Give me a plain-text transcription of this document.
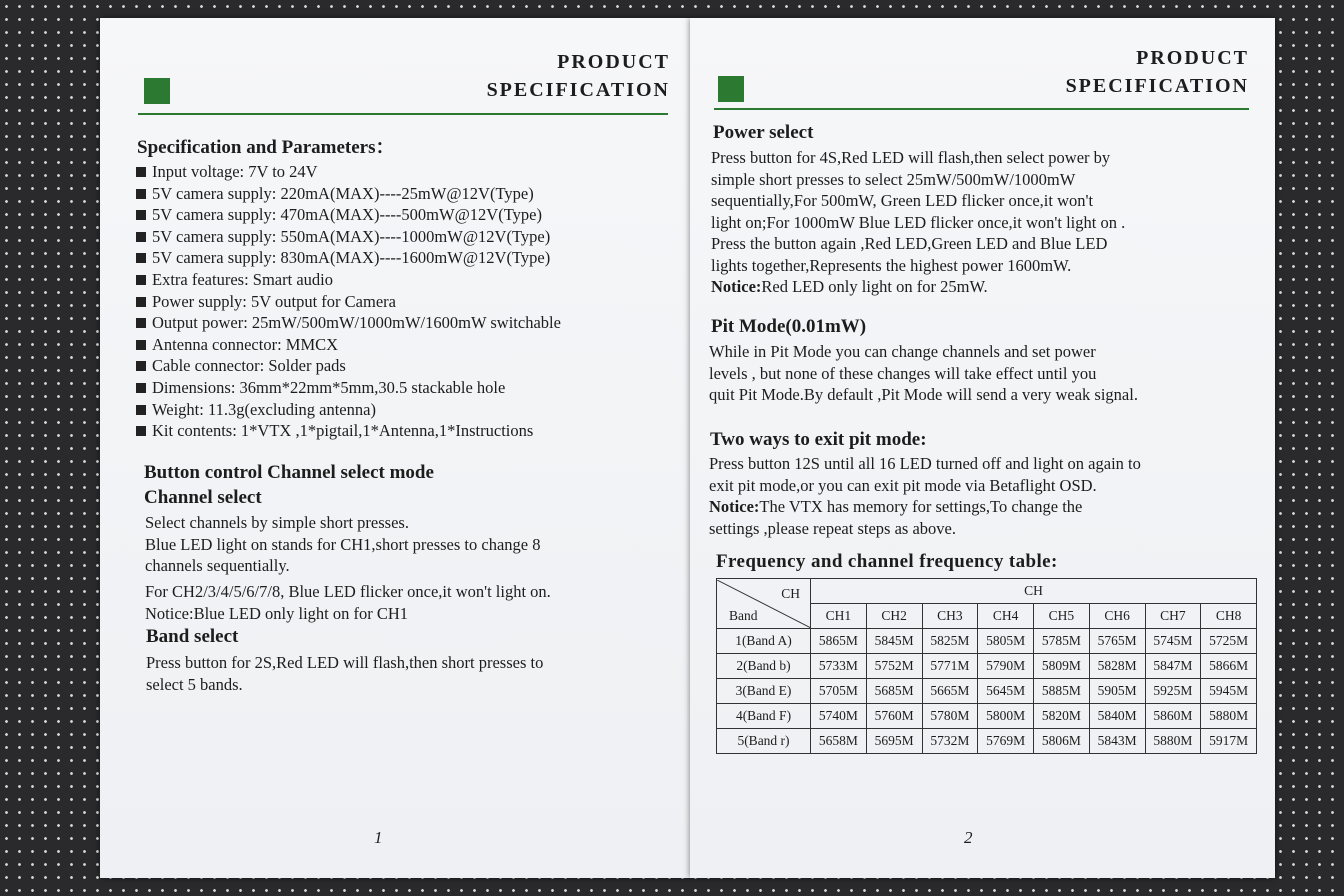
PRODUCT
SPECIFICATION
Specification and Parameters：
Input voltage: 7V to 24V
5V camera supply: 220mA(MAX)----25mW@12V(Type)
5V camera supply: 470mA(MAX)----500mW@12V(Type)
5V camera supply: 550mA(MAX)----1000mW@12V(Type)
5V camera supply: 830mA(MAX)----1600mW@12V(Type)
Extra features: Smart audio
Power supply: 5V output for Camera
Output power: 25mW/500mW/1000mW/1600mW switchable
Antenna connector: MMCX
Cable connector: Solder pads
Dimensions: 36mm*22mm*5mm,30.5 stackable hole
Weight: 11.3g(excluding antenna)
Kit contents: 1*VTX ,1*pigtail,1*Antenna,1*Instructions
Button control Channel select mode
Channel select

Select channels by simple short presses.

Blue LED light on stands for CH1,short presses to change 8

channels sequentially.

For CH2/3/4/5/6/7/8, Blue LED flicker once,it won't light on.

Notice:Blue LED only light on for CH1

Band select

Press button for 2S,Red LED will flash,then short presses to

select 5 bands.

1
PRODUCT
SPECIFICATION
Power select

Press button for 4S,Red LED will flash,then select power by

simple short presses to select 25mW/500mW/1000mW

sequentially,For 500mW, Green LED flicker once,it won't

light on;For 1000mW Blue LED flicker once,it won't light on .

Press the button again ,Red LED,Green LED and Blue LED

lights together,Represents the highest power 1600mW.

Notice:Red LED only light on for 25mW.

Pit Mode(0.01mW)

While in Pit Mode you can change channels and set power

levels , but none of these changes will take effect until you

quit Pit Mode.By default ,Pit Mode will send a very weak signal.

Two ways to exit pit mode:

Press button 12S until all 16 LED turned off and light on again to

exit pit mode,or you can exit pit mode via Betaflight OSD.

Notice:The VTX has memory for settings,To change the

settings ,please repeat steps as above.

Frequency and channel frequency table:
CH
Band	CH							
	CH1	CH2	CH3	CH4	CH5	CH6	CH7	CH8
1(Band A)	5865M	5845M	5825M	5805M	5785M	5765M	5745M	5725M
2(Band b)	5733M	5752M	5771M	5790M	5809M	5828M	5847M	5866M
3(Band E)	5705M	5685M	5665M	5645M	5885M	5905M	5925M	5945M
4(Band F)	5740M	5760M	5780M	5800M	5820M	5840M	5860M	5880M
5(Band r)	5658M	5695M	5732M	5769M	5806M	5843M	5880M	5917M
2
